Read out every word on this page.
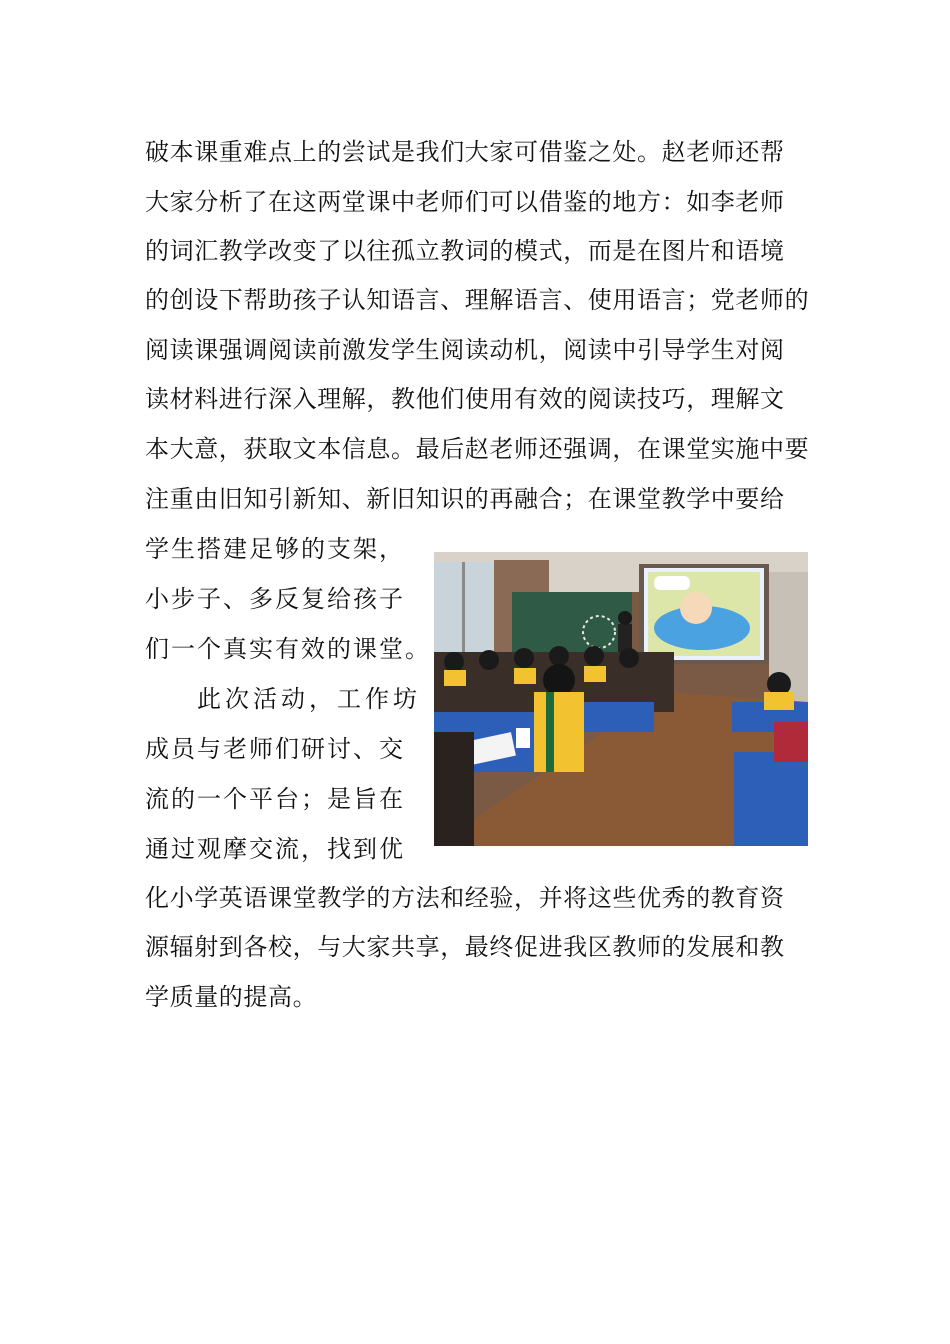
破本课重难点上的尝试是我们大家可借鉴之处。赵老师还帮
大家分析了在这两堂课中老师们可以借鉴的地方：如李老师
的词汇教学改变了以往孤立教词的模式，而是在图片和语境
的创设下帮助孩子认知语言、理解语言、使用语言；党老师的
阅读课强调阅读前激发学生阅读动机，阅读中引导学生对阅
读材料进行深入理解，教他们使用有效的阅读技巧，理解文
本大意，获取文本信息。最后赵老师还强调，在课堂实施中要
注重由旧知引新知、新旧知识的再融合；在课堂教学中要给
学生搭建足够的支架，
小步子、多反复给孩子
们一个真实有效的课堂。
此次活动，工作坊
成员与老师们研讨、交
流的一个平台；是旨在
通过观摩交流，找到优
化小学英语课堂教学的方法和经验，并将这些优秀的教育资
源辐射到各校，与大家共享，最终促进我区教师的发展和教
学质量的提高。
